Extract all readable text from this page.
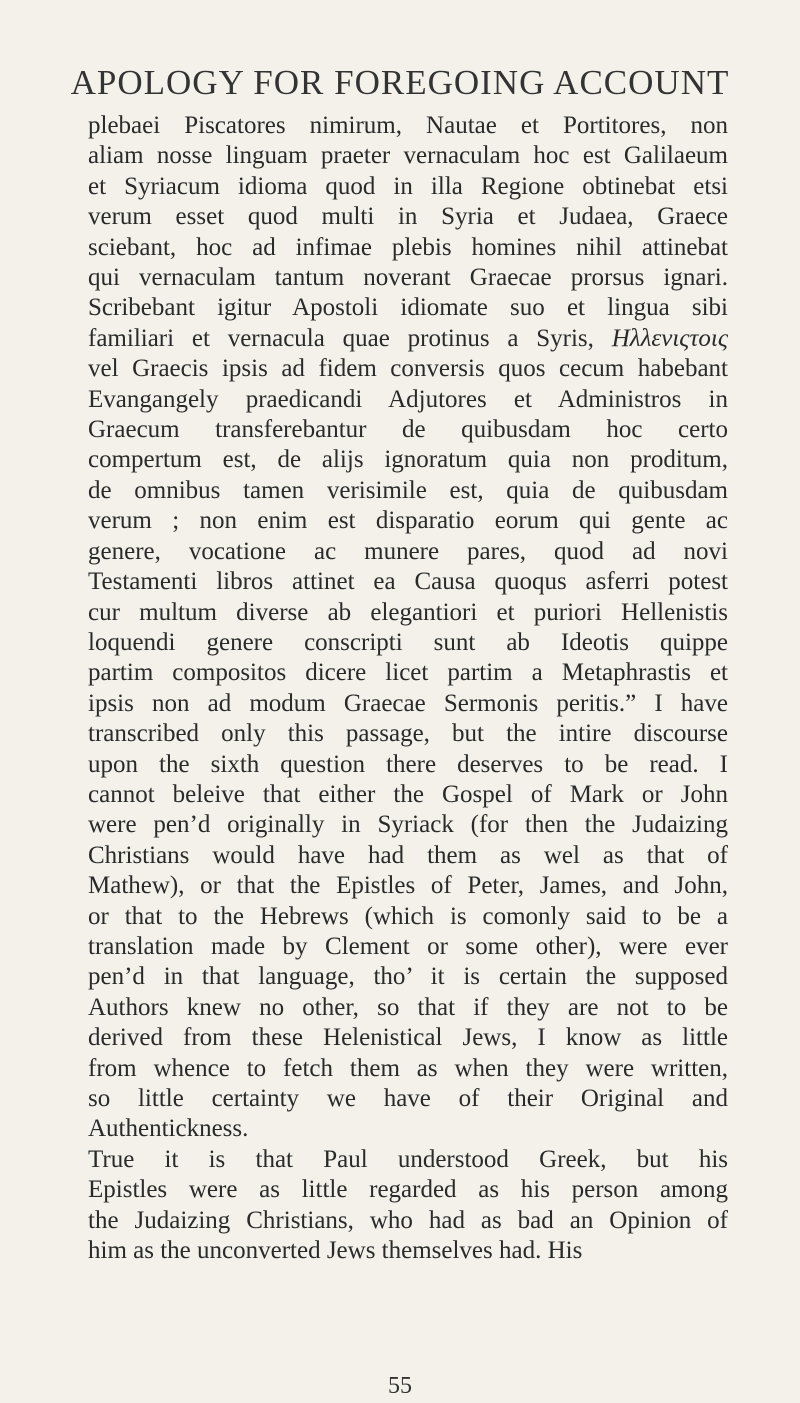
APOLOGY FOR FOREGOING ACCOUNT
plebaei Piscatores nimirum, Nautae et Portitores, non
aliam nosse linguam praeter vernaculam hoc est Galilaeum
et Syriacum idioma quod in illa Regione obtinebat etsi
verum esset quod multi in Syria et Judaea, Graece
sciebant, hoc ad infimae plebis homines nihil attinebat
qui vernaculam tantum noverant Graecae prorsus ignari.
Scribebant igitur Apostoli idiomate suo et lingua sibi
familiari et vernacula quae protinus a Syris, Ηλλενιςτοις
vel Graecis ipsis ad fidem conversis quos cecum habebant
Evangangely praedicandi Adjutores et Administros in
Graecum transferebantur de quibusdam hoc certo
compertum est, de alijs ignoratum quia non proditum,
de omnibus tamen verisimile est, quia de quibusdam
verum ; non enim est disparatio eorum qui gente ac
genere, vocatione ac munere pares, quod ad novi
Testamenti libros attinet ea Causa quoqus asferri potest
cur multum diverse ab elegantiori et puriori Hellenistis
loquendi genere conscripti sunt ab Ideotis quippe
partim compositos dicere licet partim a Metaphrastis et
ipsis non ad modum Graecae Sermonis peritis.” I have
transcribed only this passage, but the intire discourse
upon the sixth question there deserves to be read. I
cannot beleive that either the Gospel of Mark or John
were pen’d originally in Syriack (for then the Judaizing
Christians would have had them as wel as that of
Mathew), or that the Epistles of Peter, James, and John,
or that to the Hebrews (which is comonly said to be a
translation made by Clement or some other), were ever
pen’d in that language, tho’ it is certain the supposed
Authors knew no other, so that if they are not to be
derived from these Helenistical Jews, I know as little
from whence to fetch them as when they were written,
so little certainty we have of their Original and
Authentickness.
True it is that Paul understood Greek, but his
Epistles were as little regarded as his person among
the Judaizing Christians, who had as bad an Opinion of
him as the unconverted Jews themselves had. His
55
